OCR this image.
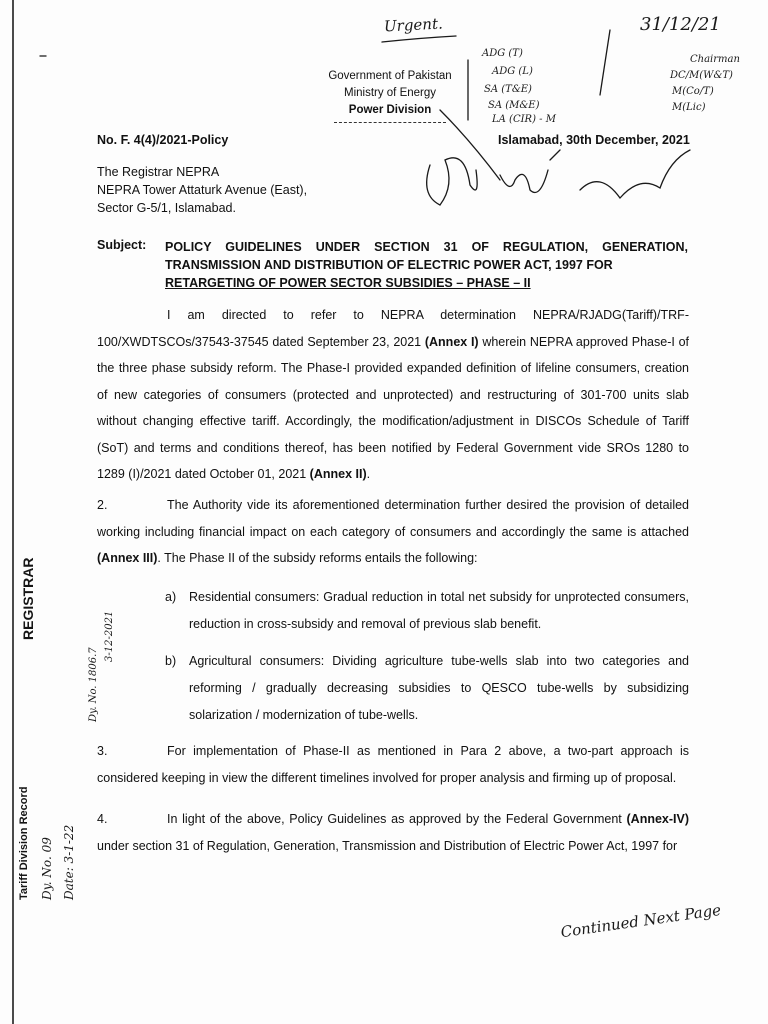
Urgent.	31/12/21
ADG (T)
ADG (L)
SA (T&E)
SA (M&E)
LA (CIR) - M
Chairman
DC/M(W&T)
M(Co/T)
M(Lic)
Government of Pakistan
Ministry of Energy
Power Division
No. F. 4(4)/2021-Policy	Islamabad, 30th December, 2021
The Registrar NEPRA
NEPRA Tower Attaturk Avenue (East),
Sector G-5/1, Islamabad.
Subject: POLICY GUIDELINES UNDER SECTION 31 OF REGULATION, GENERATION, TRANSMISSION AND DISTRIBUTION OF ELECTRIC POWER ACT, 1997 FOR
RETARGETING OF POWER SECTOR SUBSIDIES – PHASE – II
I am directed to refer to NEPRA determination NEPRA/RJADG(Tariff)/TRF-100/XWDTSCOs/37543-37545 dated September 23, 2021 (Annex I) wherein NEPRA approved Phase-I of the three phase subsidy reform. The Phase-I provided expanded definition of lifeline consumers, creation of new categories of consumers (protected and unprotected) and restructuring of 301-700 units slab without changing effective tariff. Accordingly, the modification/adjustment in DISCOs Schedule of Tariff (SoT) and terms and conditions thereof, has been notified by Federal Government vide SROs 1280 to 1289 (I)/2021 dated October 01, 2021 (Annex II).
2.	The Authority vide its aforementioned determination further desired the provision of detailed working including financial impact on each category of consumers and accordingly the same is attached (Annex III). The Phase II of the subsidy reforms entails the following:
a) Residential consumers: Gradual reduction in total net subsidy for unprotected consumers, reduction in cross-subsidy and removal of previous slab benefit.
b) Agricultural consumers: Dividing agriculture tube-wells slab into two categories and reforming / gradually decreasing subsidies to QESCO tube-wells by subsidizing solarization / modernization of tube-wells.
3.	For implementation of Phase-II as mentioned in Para 2 above, a two-part approach is considered keeping in view the different timelines involved for proper analysis and firming up of proposal.
4.	In light of the above, Policy Guidelines as approved by the Federal Government (Annex-IV) under section 31 of Regulation, Generation, Transmission and Distribution of Electric Power Act, 1997 for
REGISTRAR
Dy. No. 1806.7
3-12-2021
Tariff Division Record Dy. No. 09 Date: 3-1-22
Continued Next Page
